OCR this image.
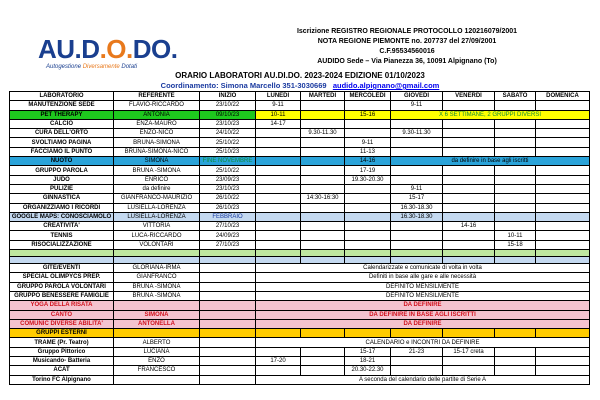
AU.D.O.DO.
Autogestione Diversamente Dotati
Iscrizione REGISTRO REGIONALE PROTOCOLLO 120216079/2001
NOTA REGIONE PIEMONTE no. 207737 del 27/09/2001
C.F.95534560016
AUDIDO Sede – Via Pianezza 36, 10091 Alpignano (To)
ORARIO LABORATORI AU.DI.DO. 2023-2024 EDIZIONE 01/10/2023
Coordinamento: Simona Marcello 351-3030669 audido.alpignano@gmail.com
LABORATORIO	REFERENTE	INIZIO	LUNEDI	MARTEDI	MERCOLEDI	GIOVEDI	VENERDI	SABATO	DOMENICA
MANUTENZIONE SEDE	FLAVIO-RICCARDO	23/10/22	9-11			9-11			
PET THERAPY	ANTONIA	09/10/23	10-11		15-16	X 6 SETTIMANE, 2 GRUPPI DIVERSI			
CALCIO	ENZA-MAURO	23/10/23	14-17						
CURA DELL'ORTO	ENZO-NICO	24/10/22		9.30-11.30		9.30-11.30			
SVOLTIAMO PAGINA	BRUNA-SIMONA	25/10/22			9-11				
FACCIAMO IL PUNTO	BRUNA-SIMONA-NICO	25/10/23			11-13				
NUOTO	SIMONA	FINE NOVEMBRE			14-16	da definire in base agli iscritti			
GRUPPO PAROLA	BRUNA -SIMONA	25/10/22			17-19				
JUDO	ENRICO	23/09/23			19.30-20.30				
PULIZIE	da definire	23/10/23				9-11			
GINNASTICA	GIANFRANCO-MAURIZIO	26/10/22		14:30-16:30		15-17			
ORGANIZZIAMO I RICORDI	LUSIELLA-LORENZA	26/10/23				16.30-18.30			
GOOGLE MAPS: CONOSCIAMOLO	LUSIELLA-LORENZA	FEBBRAIO				16.30-18.30			
CREATIVITA'	VITTORIA	27/10/23					14-16		
TENNIS	LUCA-RICCARDO	24/09/23						10-11	
RISOCIALIZZAZIONE	VOLONTARI	27/10/23						15-18	

GITE/EVENTI	GLORIANA-IRMA		Calendarizzate e comunicate di volta in volta						
SPECIAL OLIMPYCS PREP.	GIANFRANCO		Definiti in base alle gare e alle necessità						
GRUPPO PAROLA VOLONTARI	BRUNA -SIMONA		DEFINITO MENSILMENTE						
GRUPPO BENESSERE FAMIGLIE	BRUNA -SIMONA		DEFINITO MENSILMENTE						
YOGA DELLA RISATA			DA DEFINIRE						
CANTO	SIMONA		DA DEFINIRE IN BASE AGLI ISCRITTI						
COMUNIC DIVERSE ABILITA'	ANTONELLA		DA DEFINIRE						
GRUPPI ESTERNI									
TRAME (Pr. Teatro)	ALBERTO		CALENDARIO e INCONTRI DA DEFINIRE						
Gruppo Pittorico	LUCIANA				15-17	21-23	15-17 creta		
Musicando- Batteria	ENZO		17-20		18-21				
ACAT	FRANCESCO				20.30-22.30				
Torino FC Alpignano			A seconda del calendario delle partite di Serie A						
